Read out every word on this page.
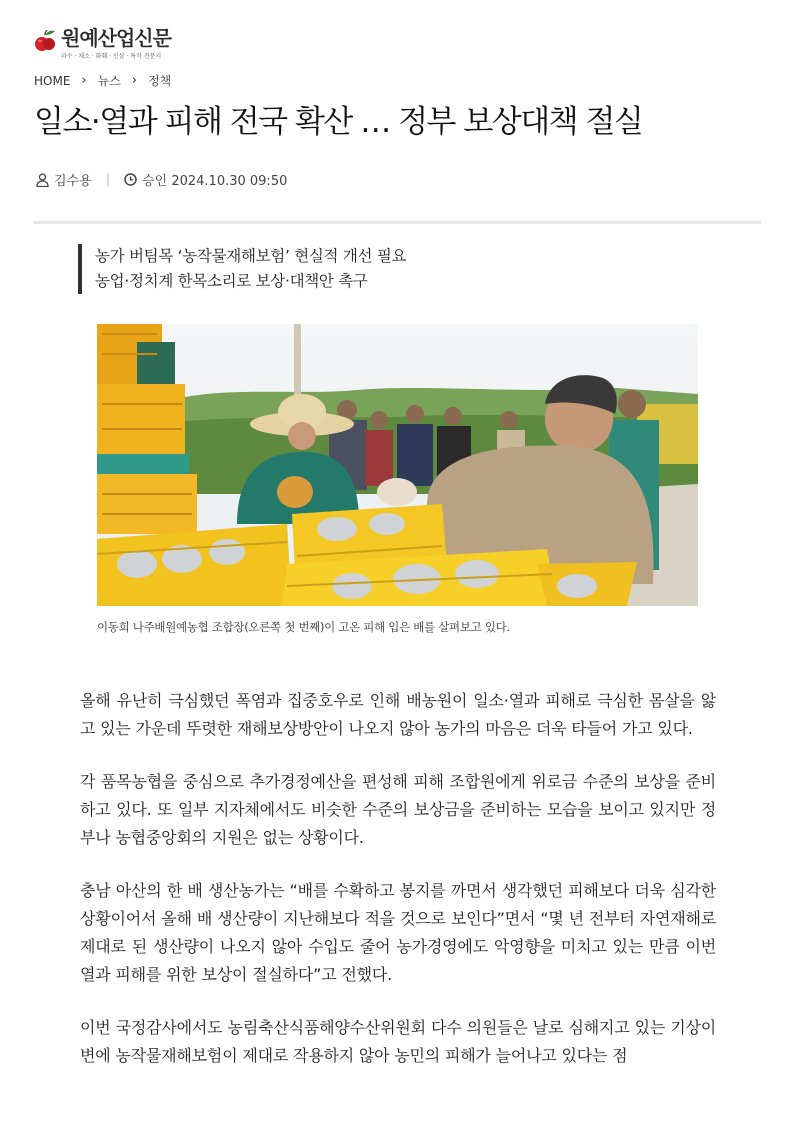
원예산업신문
과수 · 채소 · 화훼 · 인삼 · 특작 전문지
HOME › 뉴스 › 정책
일소·열과 피해 전국 확산 … 정부 보상대책 절실
김수용 | 승인 2024.10.30 09:50
농가 버팀목 ‘농작물재해보험’ 현실적 개선 필요
농업·정치계 한목소리로 보상·대책안 촉구
이동희 나주배원예농협 조합장(오른쪽 첫 번째)이 고온 피해 입은 배를 살펴보고 있다.

올해 유난히 극심했던 폭염과 집중호우로 인해 배농원이 일소·열과 피해로 극심한 몸살을 앓고 있는 가운데 뚜렷한 재해보상방안이 나오지 않아 농가의 마음은 더욱 타들어 가고 있다.

각 품목농협을 중심으로 추가경정예산을 편성해 피해 조합원에게 위로금 수준의 보상을 준비하고 있다. 또 일부 지자체에서도 비슷한 수준의 보상금을 준비하는 모습을 보이고 있지만 정부나 농협중앙회의 지원은 없는 상황이다.

충남 아산의 한 배 생산농가는 “배를 수확하고 봉지를 까면서 생각했던 피해보다 더욱 심각한 상황이어서 올해 배 생산량이 지난해보다 적을 것으로 보인다”면서 “몇 년 전부터 자연재해로 제대로 된 생산량이 나오지 않아 수입도 줄어 농가경영에도 악영향을 미치고 있는 만큼 이번 열과 피해를 위한 보상이 절실하다”고 전했다.

이번 국정감사에서도 농림축산식품해양수산위원회 다수 의원들은 날로 심해지고 있는 기상이변에 농작물재해보험이 제대로 작용하지 않아 농민의 피해가 늘어나고 있다는 점
